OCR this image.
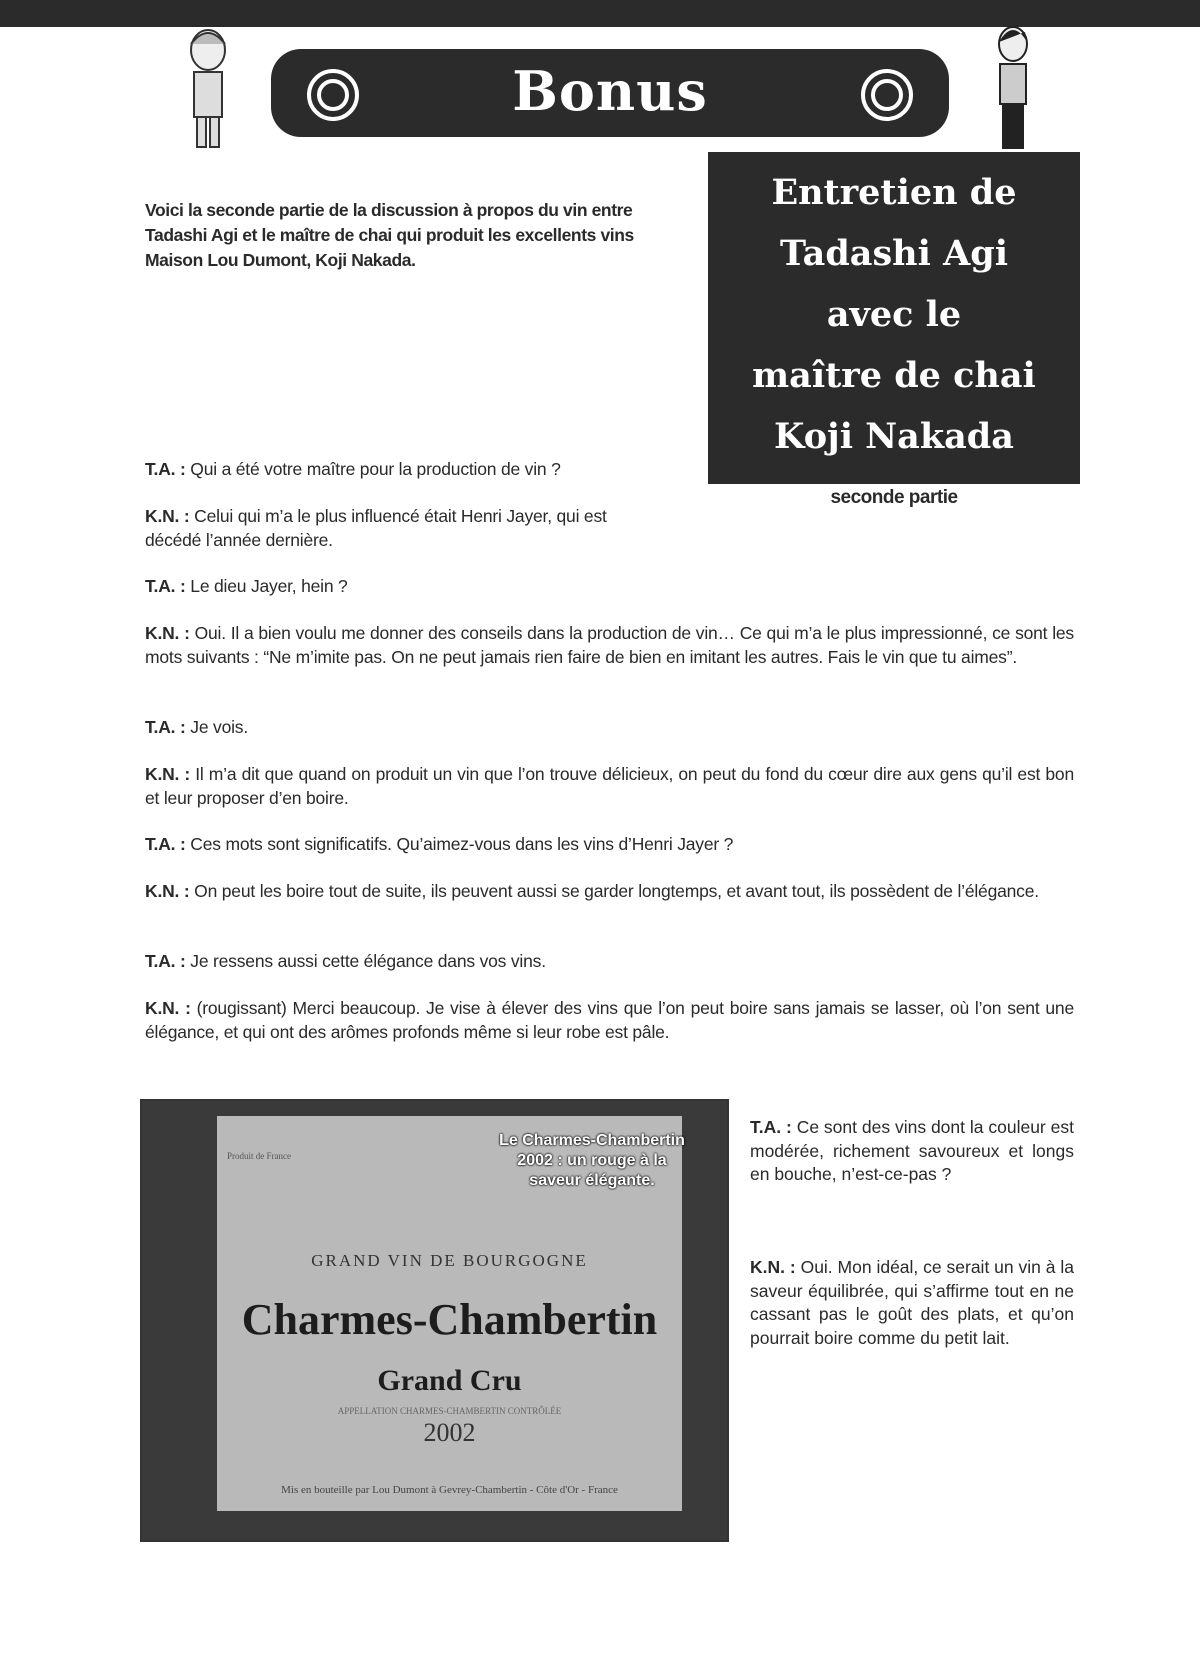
Bonus
Entretien de
Tadashi Agi
avec le
maître de chai
Koji Nakada
seconde partie
Voici la seconde partie de la discussion à propos du vin entre Tadashi Agi et le maître de chai qui produit les excellents vins Maison Lou Dumont, Koji Nakada.
T.A. : Qui a été votre maître pour la production de vin ?
K.N. : Celui qui m’a le plus influencé était Henri Jayer, qui est décédé l’année dernière.
T.A. : Le dieu Jayer, hein ?
K.N. : Oui. Il a bien voulu me donner des conseils dans la production de vin… Ce qui m’a le plus impressionné, ce sont les mots suivants : “Ne m’imite pas. On ne peut jamais rien faire de bien en imitant les autres. Fais le vin que tu aimes”.
T.A. : Je vois.
K.N. : Il m’a dit que quand on produit un vin que l’on trouve délicieux, on peut du fond du cœur dire aux gens qu’il est bon et leur proposer d’en boire.
T.A. : Ces mots sont significatifs. Qu’aimez-vous dans les vins d’Henri Jayer ?
K.N. : On peut les boire tout de suite, ils peuvent aussi se garder longtemps, et avant tout, ils possèdent de l’élégance.
T.A. : Je ressens aussi cette élégance dans vos vins.
K.N. : (rougissant) Merci beaucoup. Je vise à élever des vins que l’on peut boire sans jamais se lasser, où l’on sent une élégance, et qui ont des arômes profonds même si leur robe est pâle.
Produit de France
GRAND VIN DE BOURGOGNE
Charmes-Chambertin
Grand Cru
APPELLATION CHARMES-CHAMBERTIN CONTRÔLÉE
2002
Mis en bouteille par Lou Dumont à Gevrey-Chambertin - Côte d'Or - France
Le Charmes-Chambertin 2002 : un rouge à la saveur élégante.
T.A. : Ce sont des vins dont la couleur est modérée, richement savoureux et longs en bouche, n’est-ce-pas ?
K.N. : Oui. Mon idéal, ce serait un vin à la saveur équilibrée, qui s’affirme tout en ne cassant pas le goût des plats, et qu’on pourrait boire comme du petit lait.
